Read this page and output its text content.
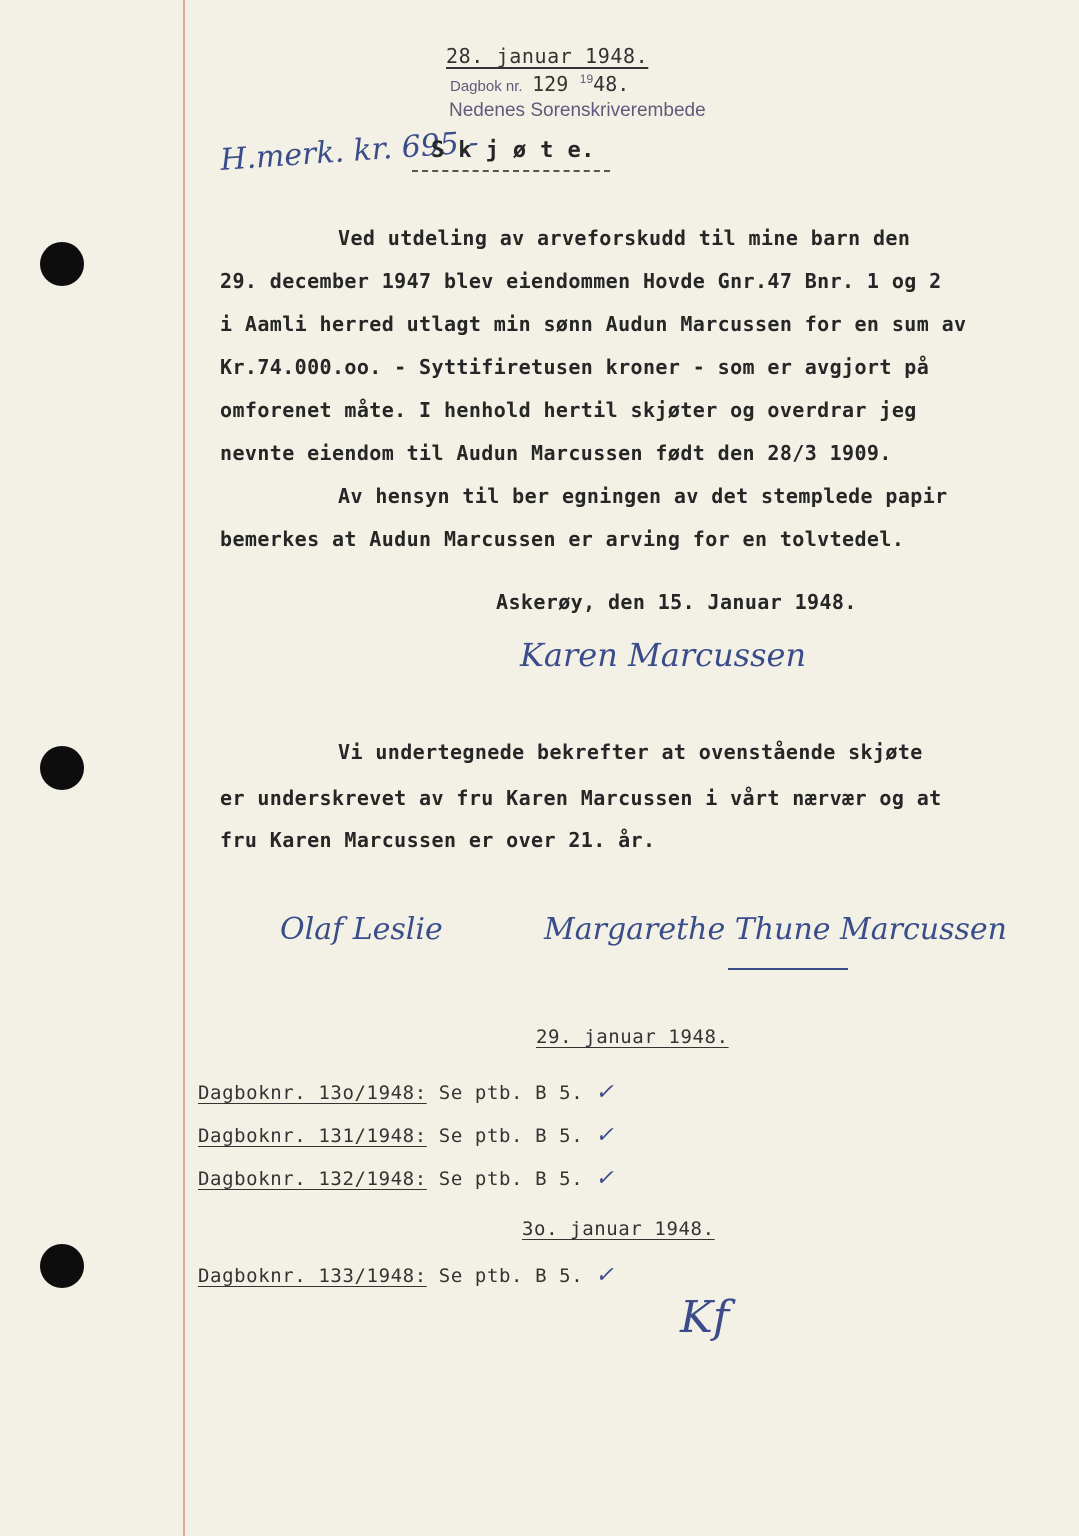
28. januar 1948.
Dagbok nr. 129 $^{19}$48.
Nedenes Sorenskriverembede
H.merk. kr. 695.-
S k j ø t e.
Ved utdeling av arveforskudd til mine barn den
29. december 1947 blev eiendommen Hovde Gnr.47 Bnr. 1 og 2
i Aamli herred utlagt min sønn Audun Marcussen for en sum av
Kr.74.000.oo. - Syttifiretusen kroner - som er avgjort på
omforenet måte. I henhold hertil skjøter og overdrar jeg
nevnte eiendom til Audun Marcussen født den 28/3 1909.
Av hensyn til ber egningen av det stemplede papir
bemerkes at Audun Marcussen er arving for en tolvtedel.
Askerøy, den 15. Januar 1948.
Karen Marcussen
Vi undertegnede bekrefter at ovenstående skjøte
er underskrevet av fru Karen Marcussen i vårt nærvær og at
fru Karen Marcussen er over 21. år.
Olaf Leslie	Margarethe Thune Marcussen
29. januar 1948.
Dagboknr. 13o/1948: Se ptb. B 5. ✓
Dagboknr. 131/1948: Se ptb. B 5. ✓
Dagboknr. 132/1948: Se ptb. B 5. ✓
3o. januar 1948.
Dagboknr. 133/1948: Se ptb. B 5. ✓
Kf
